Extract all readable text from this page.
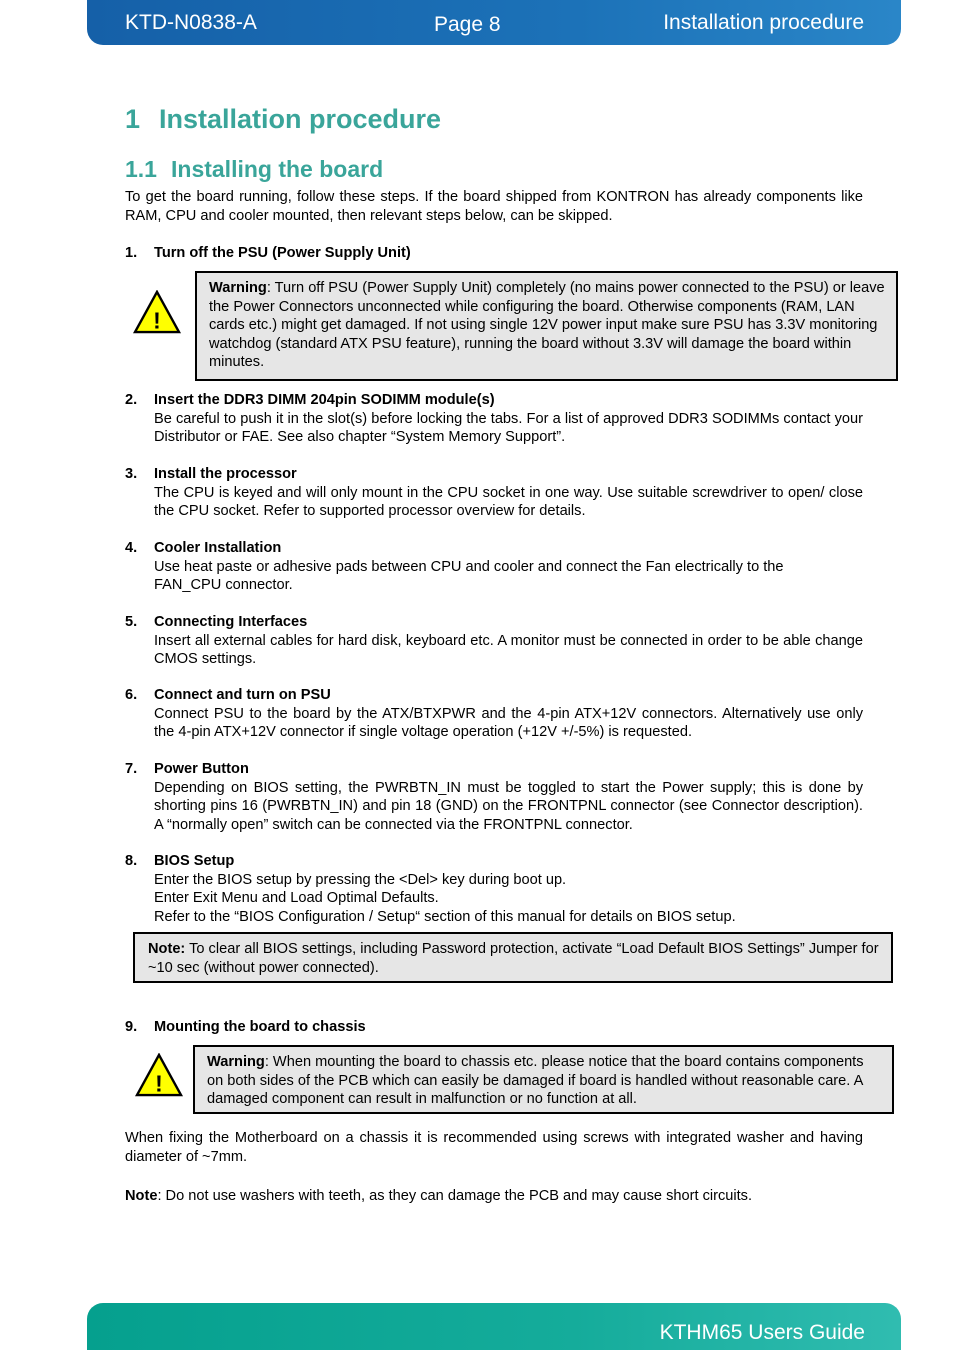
KTD-N0838-A	Page 8	Installation procedure
1 Installation procedure
1.1 Installing the board
To get the board running, follow these steps. If the board shipped from KONTRON has already components like RAM, CPU and cooler mounted, then relevant steps below, can be skipped.
1. Turn off the PSU (Power Supply Unit)
!
Warning: Turn off PSU (Power Supply Unit) completely (no mains power connected to the PSU) or leave the Power Connectors unconnected while configuring the board. Otherwise components (RAM, LAN cards etc.) might get damaged. If not using single 12V power input make sure PSU has 3.3V monitoring watchdog (standard ATX PSU feature), running the board without 3.3V will damage the board within minutes.
2. Insert the DDR3 DIMM 204pin SODIMM module(s)
Be careful to push it in the slot(s) before locking the tabs. For a list of approved DDR3 SODIMMs contact your Distributor or FAE. See also chapter “System Memory Support”.
3. Install the processor
The CPU is keyed and will only mount in the CPU socket in one way. Use suitable screwdriver to open/ close the CPU socket. Refer to supported processor overview for details.
4. Cooler Installation
Use heat paste or adhesive pads between CPU and cooler and connect the Fan electrically to the FAN_CPU connector.
5. Connecting Interfaces
Insert all external cables for hard disk, keyboard etc. A monitor must be connected in order to be able change CMOS settings.
6. Connect and turn on PSU
Connect PSU to the board by the ATX/BTXPWR and the 4-pin ATX+12V connectors. Alternatively use only the 4-pin ATX+12V connector if single voltage operation (+12V +/-5%) is requested.
7. Power Button
Depending on BIOS setting, the PWRBTN_IN must be toggled to start the Power supply; this is done by shorting pins 16 (PWRBTN_IN) and pin 18 (GND) on the FRONTPNL connector (see Connector description). A “normally open” switch can be connected via the FRONTPNL connector.
8. BIOS Setup
Enter the BIOS setup by pressing the <Del> key during boot up.
Enter Exit Menu and Load Optimal Defaults.
Refer to the “BIOS Configuration / Setup“ section of this manual for details on BIOS setup.
Note: To clear all BIOS settings, including Password protection, activate “Load Default BIOS Settings” Jumper for ~10 sec (without power connected).
9. Mounting the board to chassis
!
Warning: When mounting the board to chassis etc. please notice that the board contains components on both sides of the PCB which can easily be damaged if board is handled without reasonable care. A damaged component can result in malfunction or no function at all.
When fixing the Motherboard on a chassis it is recommended using screws with integrated washer and having diameter of ~7mm.
Note: Do not use washers with teeth, as they can damage the PCB and may cause short circuits.
KTHM65 Users Guide
